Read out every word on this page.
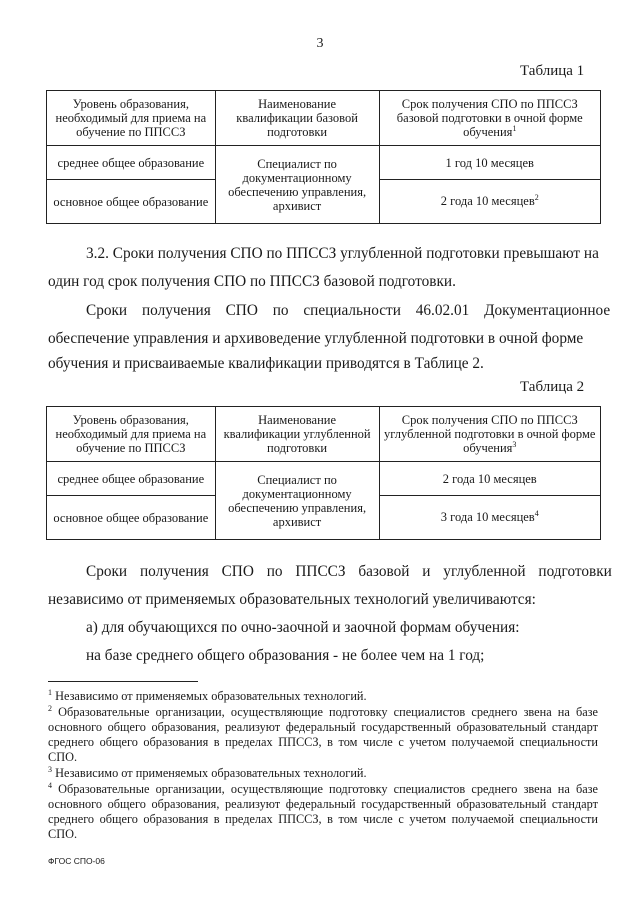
3
Таблица 1
Уровень образования, необходимый для приема на обучение по ППССЗ	Наименование квалификации базовой подготовки	Срок получения СПО по ППССЗ базовой подготовки в очной форме обучения$^1$
среднее общее образование	Специалист по документационному обеспечению управления, архивист	1 год 10 месяцев
основное общее образование		2 года 10 месяцев$^2$
3.2. Сроки получения СПО по ППССЗ углубленной подготовки превышают на
один год срок получения СПО по ППССЗ базовой подготовки.
Сроки получения СПО по специальности 46.02.01 Документационное
обеспечение управления и архивоведение углубленной подготовки в очной форме
обучения и присваиваемые квалификации приводятся в Таблице 2.
Таблица 2
Уровень образования, необходимый для приема на обучение по ППССЗ	Наименование квалификации углубленной подготовки	Срок получения СПО по ППССЗ углубленной подготовки в очной форме обучения$^3$
среднее общее образование	Специалист по документационному обеспечению управления, архивист	2 года 10 месяцев
основное общее образование		3 года 10 месяцев$^4$
Сроки получения СПО по ППССЗ базовой и углубленной подготовки
независимо от применяемых образовательных технологий увеличиваются:
а) для обучающихся по очно-заочной и заочной формам обучения:
на базе среднего общего образования - не более чем на 1 год;
$^1$ Независимо от применяемых образовательных технологий.
$^2$ Образовательные организации, осуществляющие подготовку специалистов среднего звена на базе основного общего образования, реализуют федеральный государственный образовательный стандарт среднего общего образования в пределах ППССЗ, в том числе с учетом получаемой специальности СПО.
$^3$ Независимо от применяемых образовательных технологий.
$^4$ Образовательные организации, осуществляющие подготовку специалистов среднего звена на базе основного общего образования, реализуют федеральный государственный образовательный стандарт среднего общего образования в пределах ППССЗ, в том числе с учетом получаемой специальности СПО.
ФГОС СПО-06
